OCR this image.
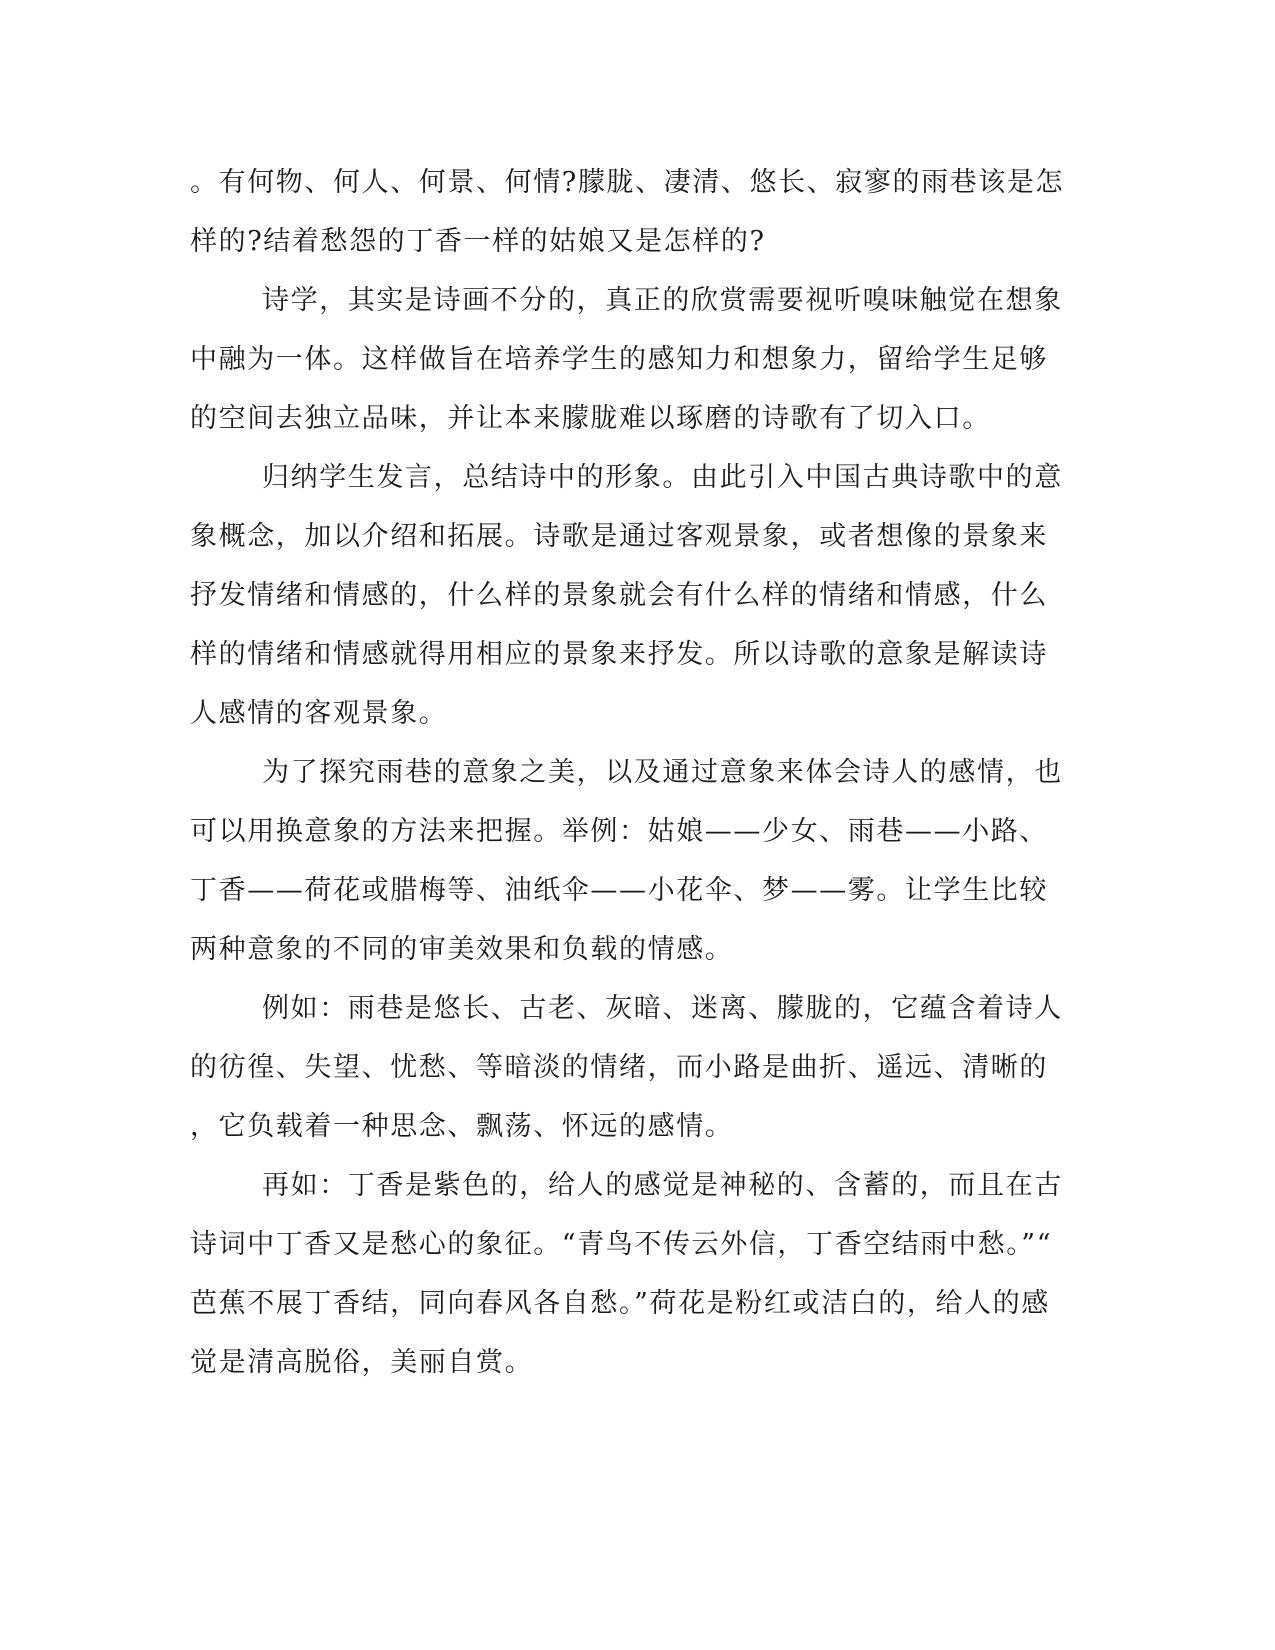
。有何物、何人、何景、何情?朦胧、凄清、悠长、寂寥的雨巷该是怎
样的?结着愁怨的丁香一样的姑娘又是怎样的?
诗学，其实是诗画不分的，真正的欣赏需要视听嗅味触觉在想象
中融为一体。这样做旨在培养学生的感知力和想象力，留给学生足够
的空间去独立品味，并让本来朦胧难以琢磨的诗歌有了切入口。
归纳学生发言，总结诗中的形象。由此引入中国古典诗歌中的意
象概念，加以介绍和拓展。诗歌是通过客观景象，或者想像的景象来
抒发情绪和情感的，什么样的景象就会有什么样的情绪和情感，什么
样的情绪和情感就得用相应的景象来抒发。所以诗歌的意象是解读诗
人感情的客观景象。
为了探究雨巷的意象之美，以及通过意象来体会诗人的感情，也
可以用换意象的方法来把握。举例：姑娘——少女、雨巷——小路、
丁香——荷花或腊梅等、油纸伞——小花伞、梦——雾。让学生比较
两种意象的不同的审美效果和负载的情感。
例如：雨巷是悠长、古老、灰暗、迷离、朦胧的，它蕴含着诗人
的彷徨、失望、忧愁、等暗淡的情绪，而小路是曲折、遥远、清晰的
，它负载着一种思念、飘荡、怀远的感情。
再如：丁香是紫色的，给人的感觉是神秘的、含蓄的，而且在古
诗词中丁香又是愁心的象征。“青鸟不传云外信，丁香空结雨中愁。”“
芭蕉不展丁香结，同向春风各自愁。”荷花是粉红或洁白的，给人的感
觉是清高脱俗，美丽自赏。
